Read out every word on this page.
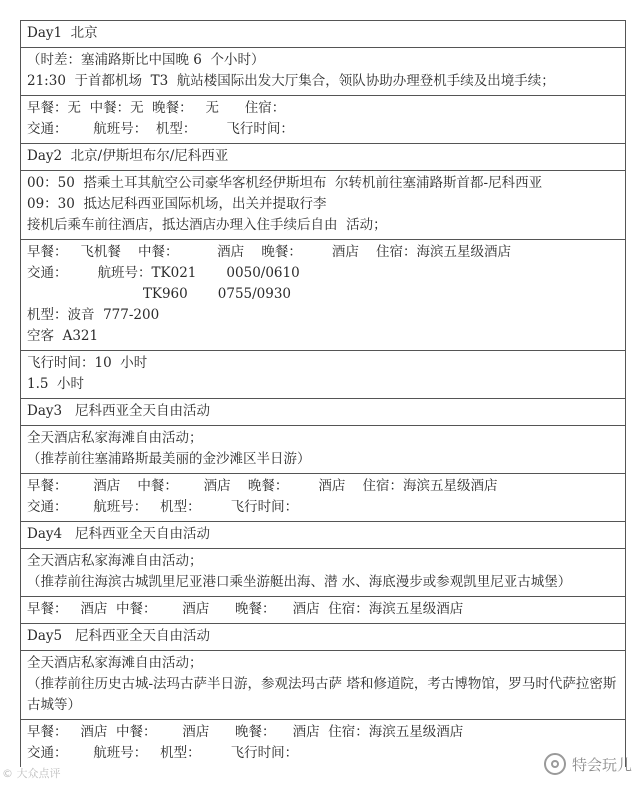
Day1  北京
（时差：塞浦路斯比中国晚 6  个小时）
21:30  于首都机场  T3  航站楼国际出发大厅集合，领队协助办理登机手续及出境手续；
早餐：无  中餐：无  晚餐：   无      住宿：
交通：      航班号：  机型：       飞行时间：
Day2  北京/伊斯坦布尔/尼科西亚
00：50  搭乘土耳其航空公司豪华客机经伊斯坦布  尔转机前往塞浦路斯首都-尼科西亚
09：30  抵达尼科西亚国际机场，出关并提取行李
接机后乘车前往酒店，抵达酒店办理入住手续后自由  活动；
早餐：   飞机餐    中餐：         酒店    晚餐：       酒店    住宿：海滨五星级酒店
交通：       航班号：TK021       0050/0610
TK960       0755/0930
机型：波音  777-200
空客  A321
飞行时间：10  小时
1.5  小时
Day3   尼科西亚全天自由活动
全天酒店私家海滩自由活动；
（推荐前往塞浦路斯最美丽的金沙滩区半日游）
早餐：      酒店    中餐：      酒店    晚餐：       酒店    住宿：海滨五星级酒店
交通：      航班号：   机型：       飞行时间：
Day4   尼科西亚全天自由活动
全天酒店私家海滩自由活动；
（推荐前往海滨古城凯里尼亚港口乘坐游艇出海、潜 水、海底漫步或参观凯里尼亚古城堡）
早餐：   酒店  中餐：      酒店      晚餐：    酒店  住宿：海滨五星级酒店
Day5   尼科西亚全天自由活动
全天酒店私家海滩自由活动；
（推荐前往历史古城-法玛古萨半日游，参观法玛古萨 塔和修道院，考古博物馆，罗马时代萨拉密斯古城等）
早餐：   酒店  中餐：      酒店      晚餐：    酒店  住宿：海滨五星级酒店
交通：      航班号：   机型：       飞行时间：
© 大众点评	特会玩儿
